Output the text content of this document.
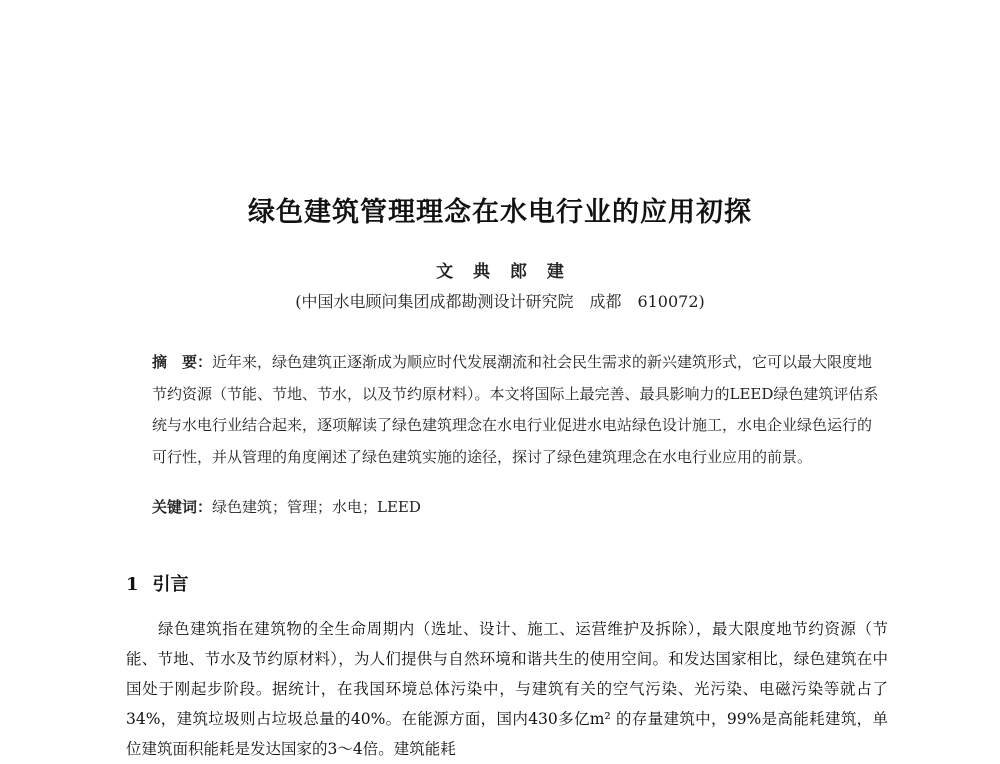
绿色建筑管理理念在水电行业的应用初探
文 典 郎 建
(中国水电顾问集团成都勘测设计研究院　成都　610072)
摘　要：近年来，绿色建筑正逐渐成为顺应时代发展潮流和社会民生需求的新兴建筑形式，它可以最大限度地节约资源（节能、节地、节水，以及节约原材料）。本文将国际上最完善、最具影响力的LEED绿色建筑评估系统与水电行业结合起来，逐项解读了绿色建筑理念在水电行业促进水电站绿色设计施工，水电企业绿色运行的可行性，并从管理的角度阐述了绿色建筑实施的途径，探讨了绿色建筑理念在水电行业应用的前景。
关键词：绿色建筑；管理；水电；LEED
1 引言
绿色建筑指在建筑物的全生命周期内（选址、设计、施工、运营维护及拆除），最大限度地节约资源（节能、节地、节水及节约原材料），为人们提供与自然环境和谐共生的使用空间。和发达国家相比，绿色建筑在中国处于刚起步阶段。据统计，在我国环境总体污染中，与建筑有关的空气污染、光污染、电磁污染等就占了34%，建筑垃圾则占垃圾总量的40%。在能源方面，国内430多亿m² 的存量建筑中，99%是高能耗建筑，单位建筑面积能耗是发达国家的3～4倍。建筑能耗
